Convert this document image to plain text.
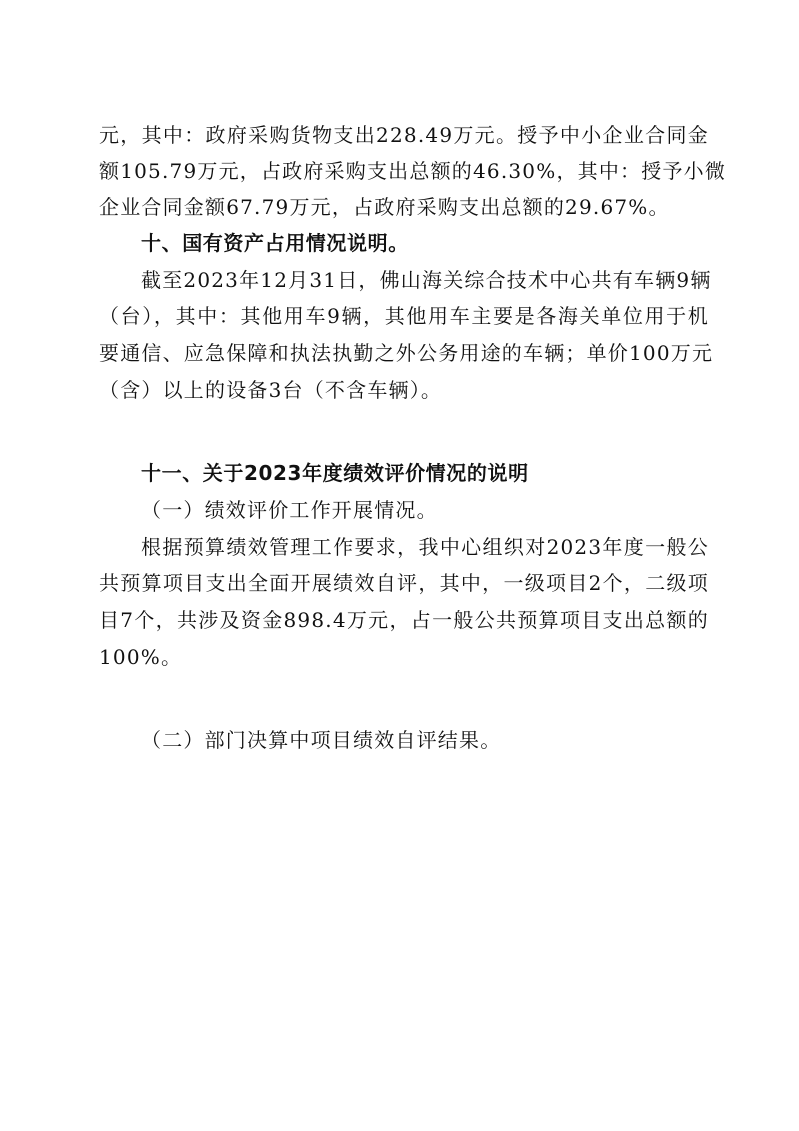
元，其中：政府采购货物支出228.49万元。授予中小企业合同金
额105.79万元，占政府采购支出总额的46.30%，其中：授予小微
企业合同金额67.79万元，占政府采购支出总额的29.67%。
十、国有资产占用情况说明。
截至2023年12月31日，佛山海关综合技术中心共有车辆9辆
（台），其中：其他用车9辆，其他用车主要是各海关单位用于机
要通信、应急保障和执法执勤之外公务用途的车辆；单价100万元
（含）以上的设备3台（不含车辆）。
十一、关于2023年度绩效评价情况的说明
（一）绩效评价工作开展情况。
根据预算绩效管理工作要求，我中心组织对2023年度一般公
共预算项目支出全面开展绩效自评，其中，一级项目2个，二级项
目7个，共涉及资金898.4万元，占一般公共预算项目支出总额的
100%。
（二）部门决算中项目绩效自评结果。
